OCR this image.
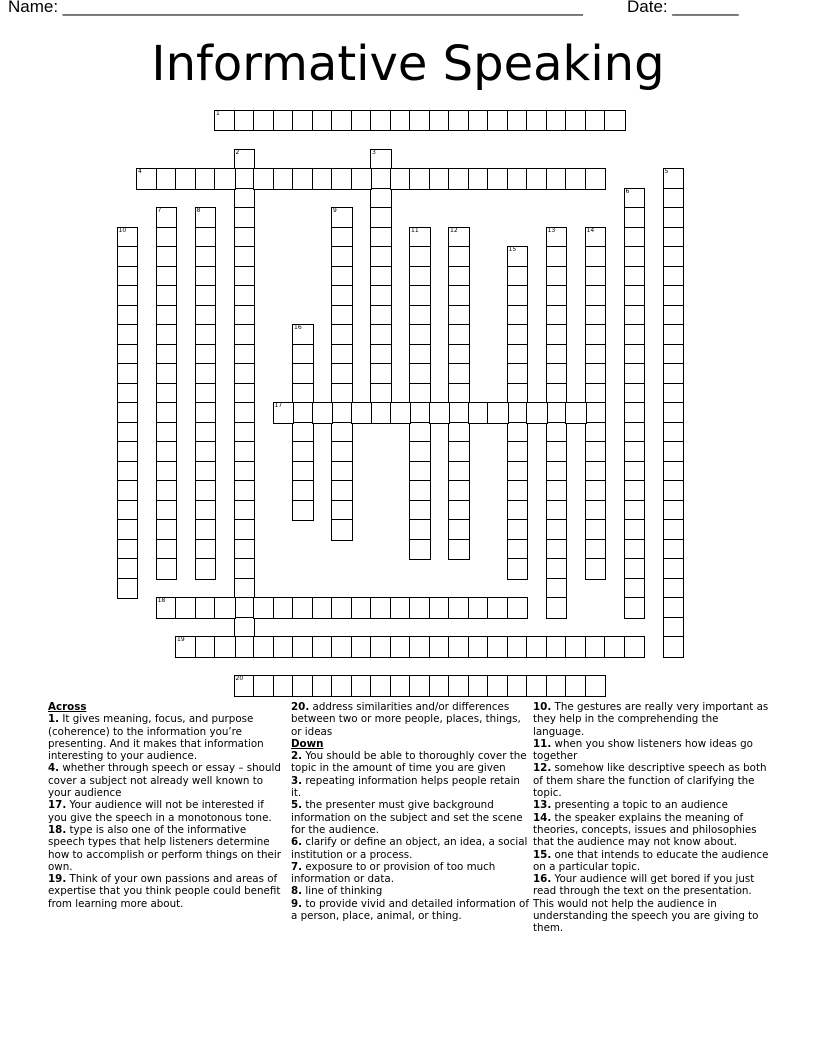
Name: _______________________________________________________	Date: _______
Informative Speaking
1
2	3
4	5
6
7	8	9
10	11	12	13	14
15
16
17
18
19
20

Across

1. It gives meaning, focus, and purpose (coherence) to the information you’re presenting. And it makes that information interesting to your audience.

4. whether through speech or essay – should cover a subject not already well known to your audience

17. Your audience will not be interested if you give the speech in a monotonous tone.

18. type is also one of the informative speech types that help listeners determine how to accomplish or perform things on their own.

19. Think of your own passions and areas of expertise that you think people could benefit from learning more about.

20. address similarities and/or differences between two or more people, places, things, or ideas

Down

2. You should be able to thoroughly cover the topic in the amount of time you are given

3. repeating information helps people retain it.

5. the presenter must give background information on the subject and set the scene for the audience.

6. clarify or define an object, an idea, a social institution or a process.

7. exposure to or provision of too much information or data.

8. line of thinking

9. to provide vivid and detailed information of a person, place, animal, or thing.

10. The gestures are really very important as they help in the comprehending the language.

11. when you show listeners how ideas go together

12. somehow like descriptive speech as both of them share the function of clarifying the topic.

13. presenting a topic to an audience

14. the speaker explains the meaning of theories, concepts, issues and philosophies that the audience may not know about.

15. one that intends to educate the audience on a particular topic.

16. Your audience will get bored if you just read through the text on the presentation. This would not help the audience in understanding the speech you are giving to them.
